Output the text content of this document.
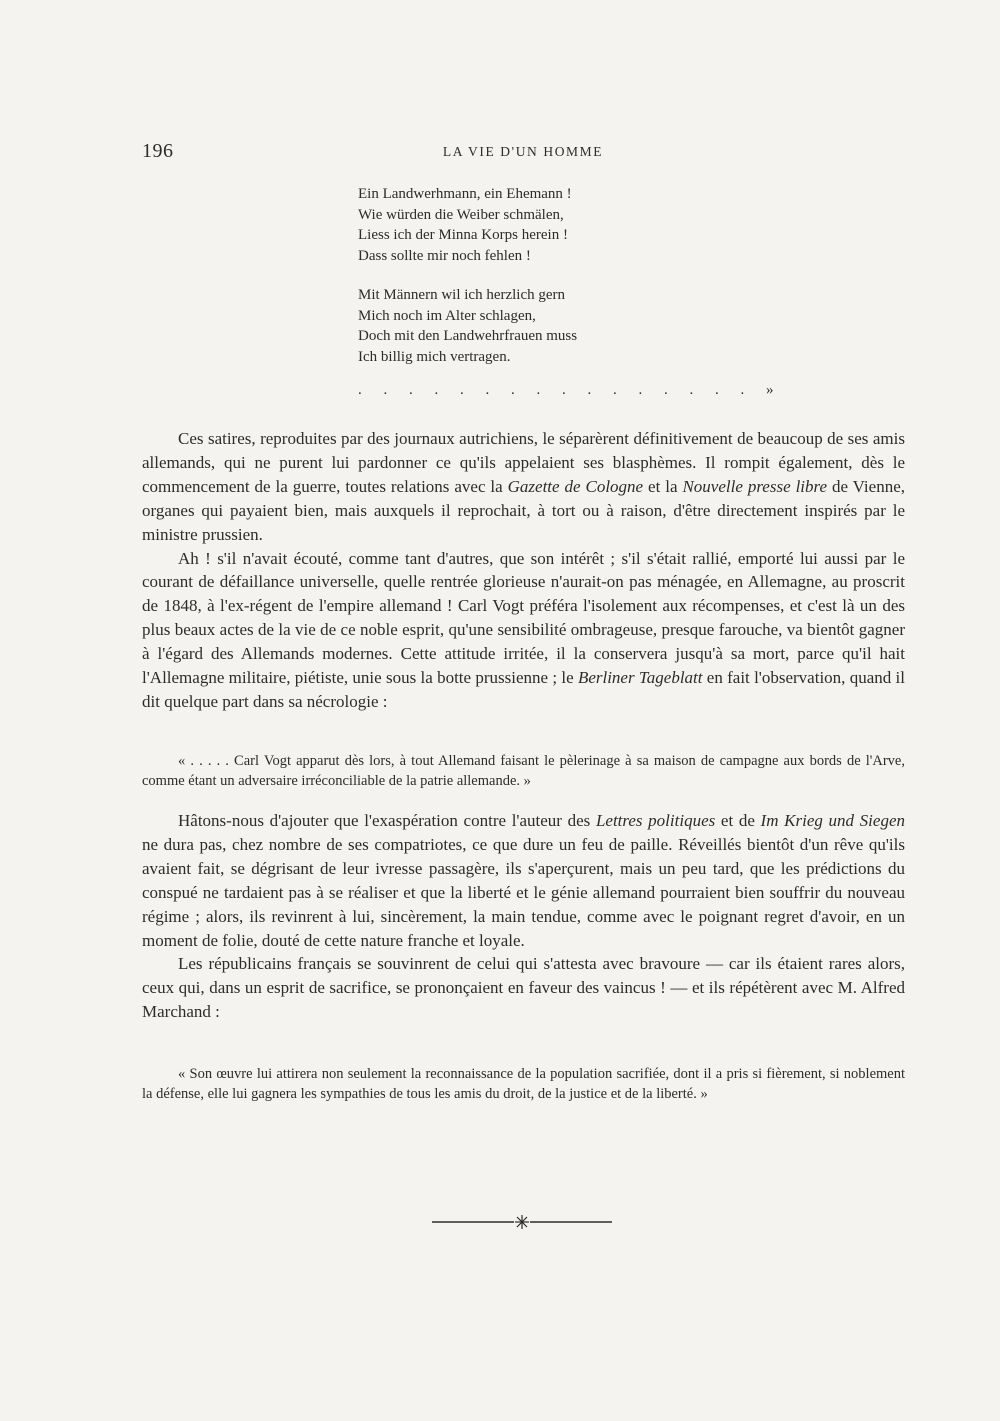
196	LA VIE D'UN HOMME
Ein Landwerhmann, ein Ehemann !
Wie würden die Weiber schmälen,
Liess ich der Minna Korps herein !
Dass sollte mir noch fehlen !
Mit Männern wil ich herzlich gern
Mich noch im Alter schlagen,
Doch mit den Landwehrfrauen muss
Ich billig mich vertragen.
. . . . . . . . . . . . . . . . »

Ces satires, reproduites par des journaux autrichiens, le séparèrent définitivement de beaucoup de ses amis allemands, qui ne purent lui pardonner ce qu'ils appelaient ses blasphèmes. Il rompit également, dès le commencement de la guerre, toutes relations avec la Gazette de Cologne et la Nouvelle presse libre de Vienne, organes qui payaient bien, mais auxquels il reprochait, à tort ou à raison, d'être directement inspirés par le ministre prussien.

Ah ! s'il n'avait écouté, comme tant d'autres, que son intérêt ; s'il s'était rallié, emporté lui aussi par le courant de défaillance universelle, quelle rentrée glorieuse n'aurait-on pas ménagée, en Allemagne, au proscrit de 1848, à l'ex-régent de l'empire allemand ! Carl Vogt préféra l'isolement aux récompenses, et c'est là un des plus beaux actes de la vie de ce noble esprit, qu'une sensibilité ombrageuse, presque farouche, va bientôt gagner à l'égard des Allemands modernes. Cette attitude irritée, il la conservera jusqu'à sa mort, parce qu'il hait l'Allemagne militaire, piétiste, unie sous la botte prussienne ; le Berliner Tageblatt en fait l'observation, quand il dit quelque part dans sa nécrologie :

« . . . . . Carl Vogt apparut dès lors, à tout Allemand faisant le pèlerinage à sa maison de campagne aux bords de l'Arve, comme étant un adversaire irréconciliable de la patrie allemande. »

Hâtons-nous d'ajouter que l'exaspération contre l'auteur des Lettres politiques et de Im Krieg und Siegen ne dura pas, chez nombre de ses compatriotes, ce que dure un feu de paille. Réveillés bientôt d'un rêve qu'ils avaient fait, se dégrisant de leur ivresse passagère, ils s'aperçurent, mais un peu tard, que les prédictions du conspué ne tardaient pas à se réaliser et que la liberté et le génie allemand pourraient bien souffrir du nouveau régime ; alors, ils revinrent à lui, sincèrement, la main tendue, comme avec le poignant regret d'avoir, en un moment de folie, douté de cette nature franche et loyale.

Les républicains français se souvinrent de celui qui s'attesta avec bravoure — car ils étaient rares alors, ceux qui, dans un esprit de sacrifice, se prononçaient en faveur des vaincus ! — et ils répétèrent avec M. Alfred Marchand :

« Son œuvre lui attirera non seulement la reconnaissance de la population sacrifiée, dont il a pris si fièrement, si noblement la défense, elle lui gagnera les sympathies de tous les amis du droit, de la justice et de la liberté. »
